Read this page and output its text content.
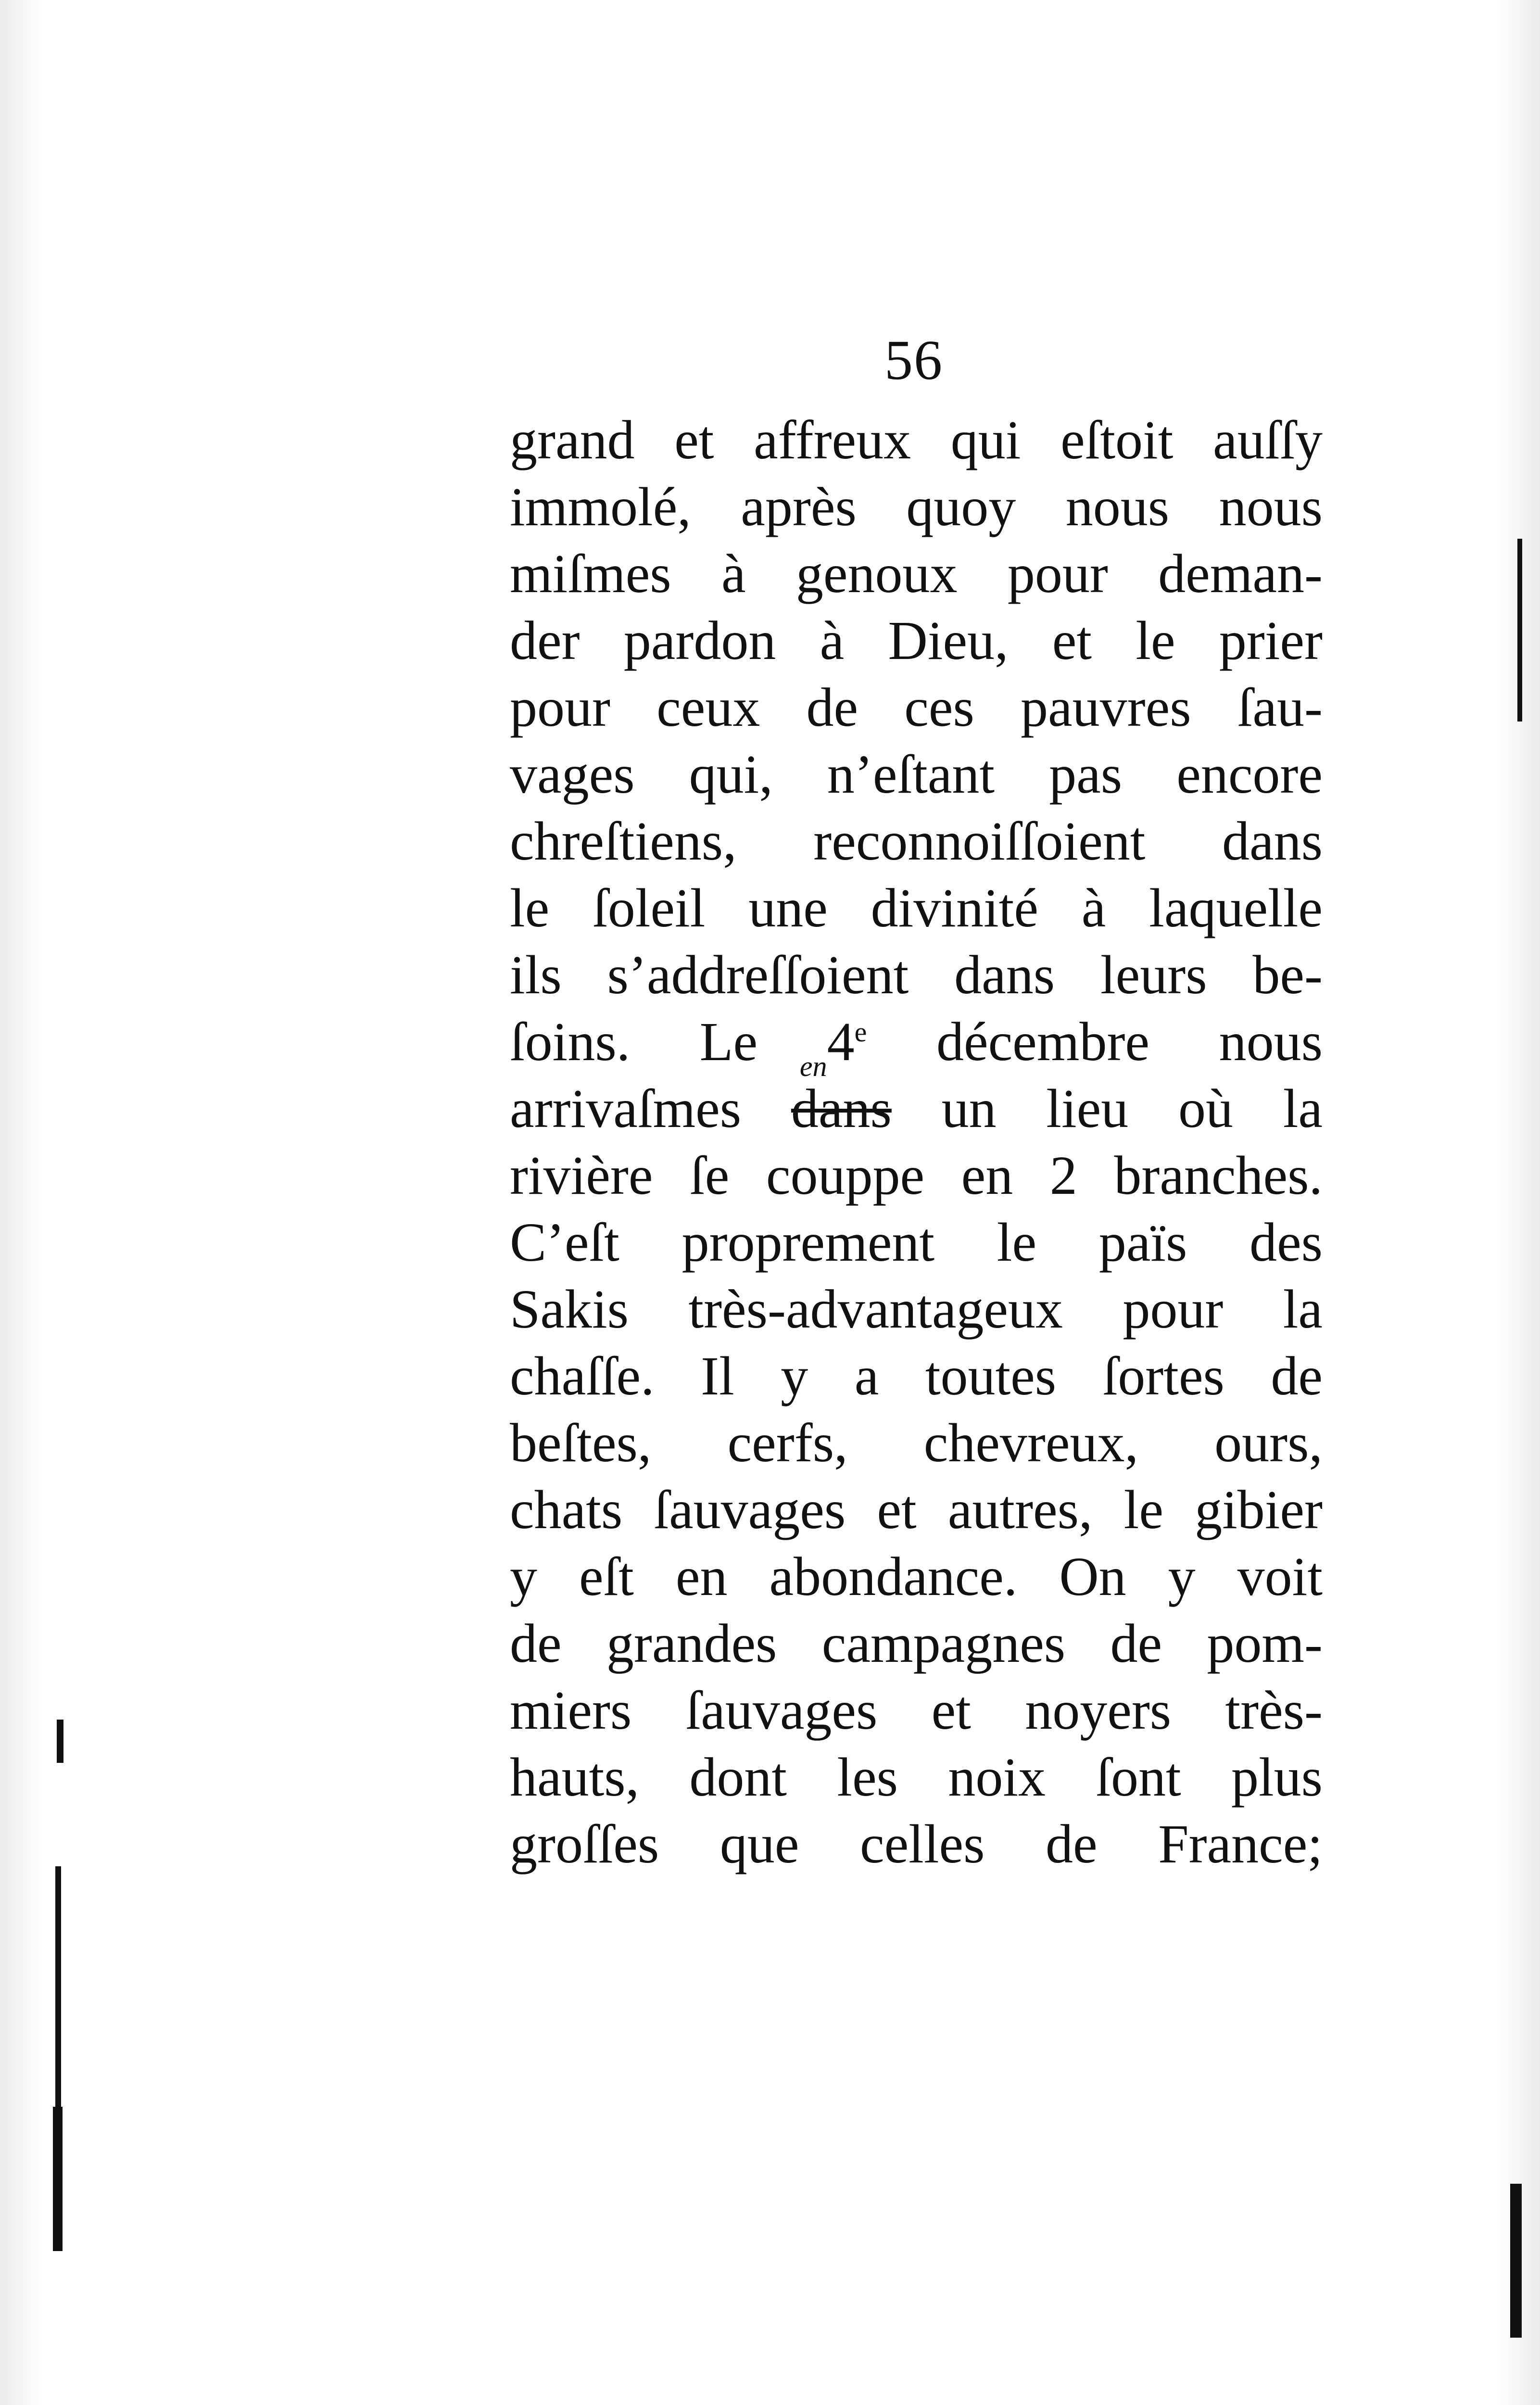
56
grand et affreux qui eſtoit auſſy
immolé, après quoy nous nous
miſmes à genoux pour deman-
der pardon à Dieu, et le prier
pour ceux de ces pauvres ſau-
vages qui, n’eſtant pas encore
chreſtiens, reconnoiſſoient dans
le ſoleil une divinité à laquelle
ils s’addreſſoient dans leurs be-
ſoins. Le 4e décembre nous
arrivaſmes en dans un lieu où la
rivière ſe couppe en 2 branches.
C’eſt proprement le païs des
Sakis très-advantageux pour la
chaſſe. Il y a toutes ſortes de
beſtes, cerfs, chevreux, ours,
chats ſauvages et autres, le gibier
y eſt en abondance. On y voit
de grandes campagnes de pom-
miers ſauvages et noyers très-
hauts, dont les noix ſont plus
groſſes que celles de France;
